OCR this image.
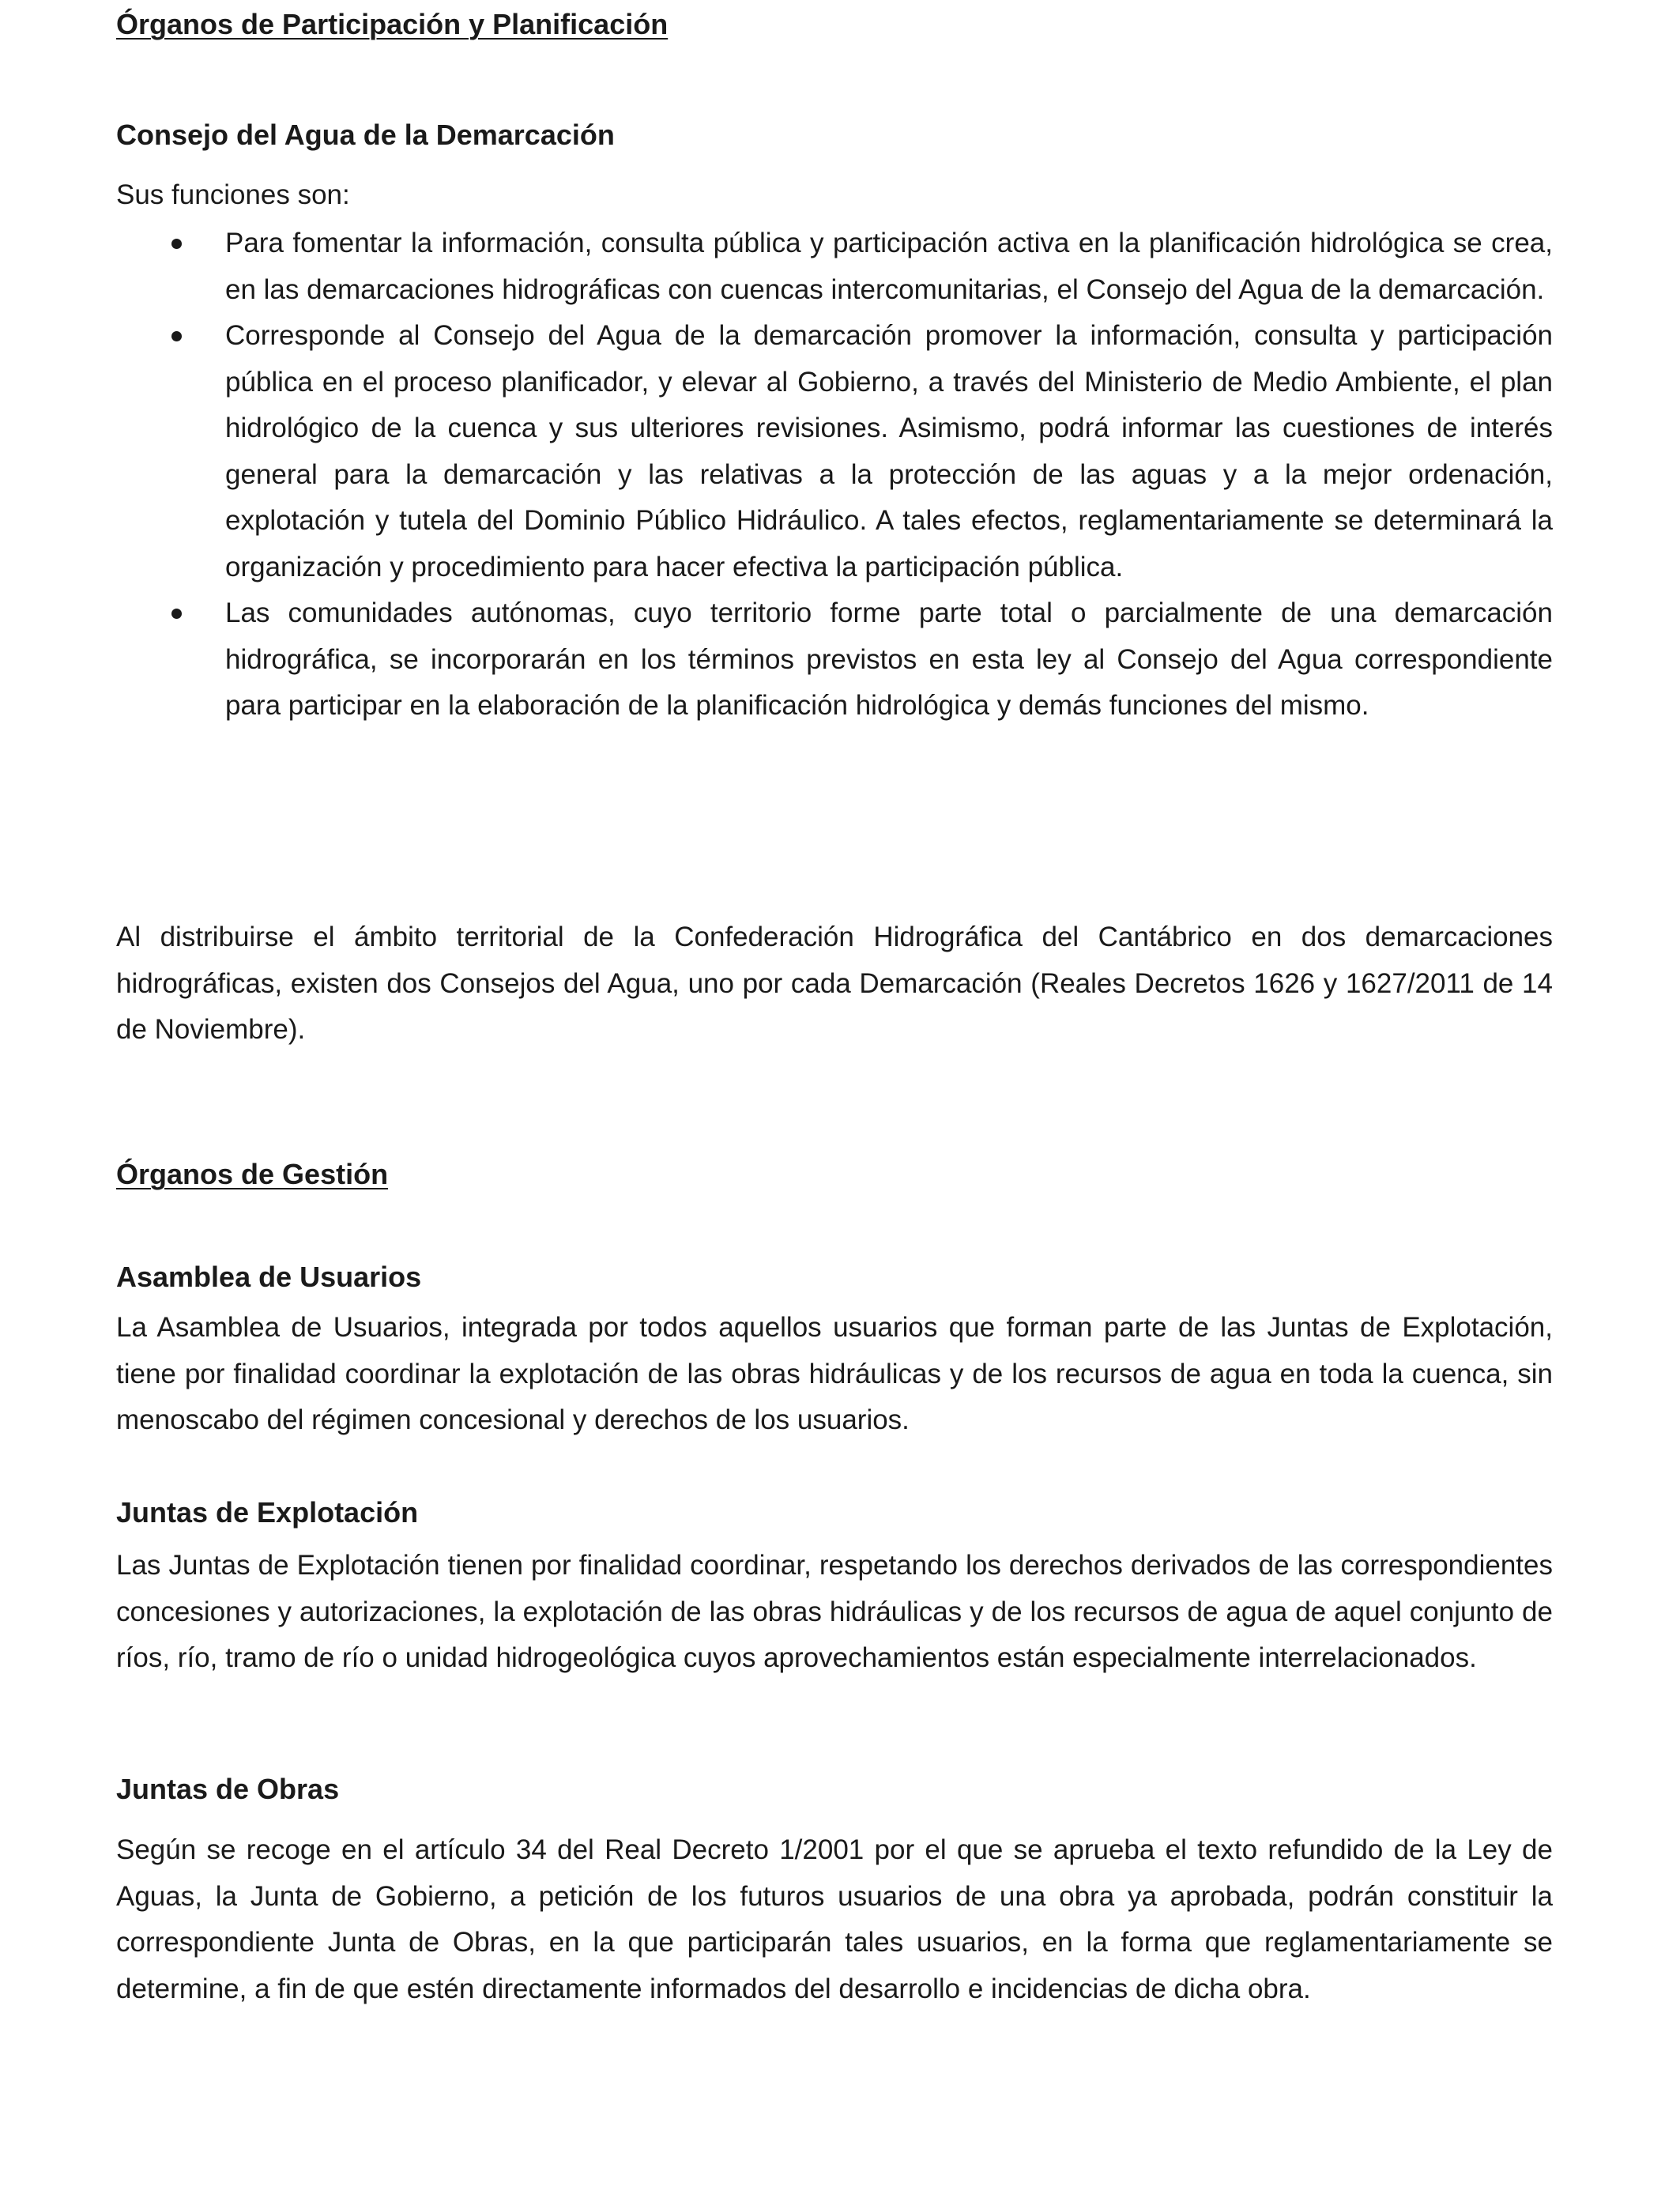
Órganos de Participación y Planificación
Consejo del Agua de la Demarcación
Sus funciones son:
Para fomentar la información, consulta pública y participación activa en la planificación hidrológica se crea, en las demarcaciones hidrográficas con cuencas intercomunitarias, el Consejo del Agua de la demarcación.
Corresponde al Consejo del Agua de la demarcación promover la información, consulta y participación pública en el proceso planificador, y elevar al Gobierno, a través del Ministerio de Medio Ambiente, el plan hidrológico de la cuenca y sus ulteriores revisiones. Asimismo, podrá informar las cuestiones de interés general para la demarcación y las relativas a la protección de las aguas y a la mejor ordenación, explotación y tutela del Dominio Público Hidráulico. A tales efectos, reglamentariamente se determinará la organización y procedimiento para hacer efectiva la participación pública.
Las comunidades autónomas, cuyo territorio forme parte total o parcialmente de una demarcación hidrográfica, se incorporarán en los términos previstos en esta ley al Consejo del Agua correspondiente para participar en la elaboración de la planificación hidrológica y demás funciones del mismo.
Al distribuirse el ámbito territorial de la Confederación Hidrográfica del Cantábrico en dos demarcaciones hidrográficas, existen dos Consejos del Agua, uno por cada Demarcación (Reales Decretos 1626 y 1627/2011 de 14 de Noviembre).
Órganos de Gestión
Asamblea de Usuarios
La Asamblea de Usuarios, integrada por todos aquellos usuarios que forman parte de las Juntas de Explotación, tiene por finalidad coordinar la explotación de las obras hidráulicas y de los recursos de agua en toda la cuenca, sin menoscabo del régimen concesional y derechos de los usuarios.
Juntas de Explotación
Las Juntas de Explotación tienen por finalidad coordinar, respetando los derechos derivados de las correspondientes concesiones y autorizaciones, la explotación de las obras hidráulicas y de los recursos de agua de aquel conjunto de ríos, río, tramo de río o unidad hidrogeológica cuyos aprovechamientos están especialmente interrelacionados.
Juntas de Obras
Según se recoge en el artículo 34 del Real Decreto 1/2001 por el que se aprueba el texto refundido de la Ley de Aguas, la Junta de Gobierno, a petición de los futuros usuarios de una obra ya aprobada, podrán constituir la correspondiente Junta de Obras, en la que participarán tales usuarios, en la forma que reglamentariamente se determine, a fin de que estén directamente informados del desarrollo e incidencias de dicha obra.
